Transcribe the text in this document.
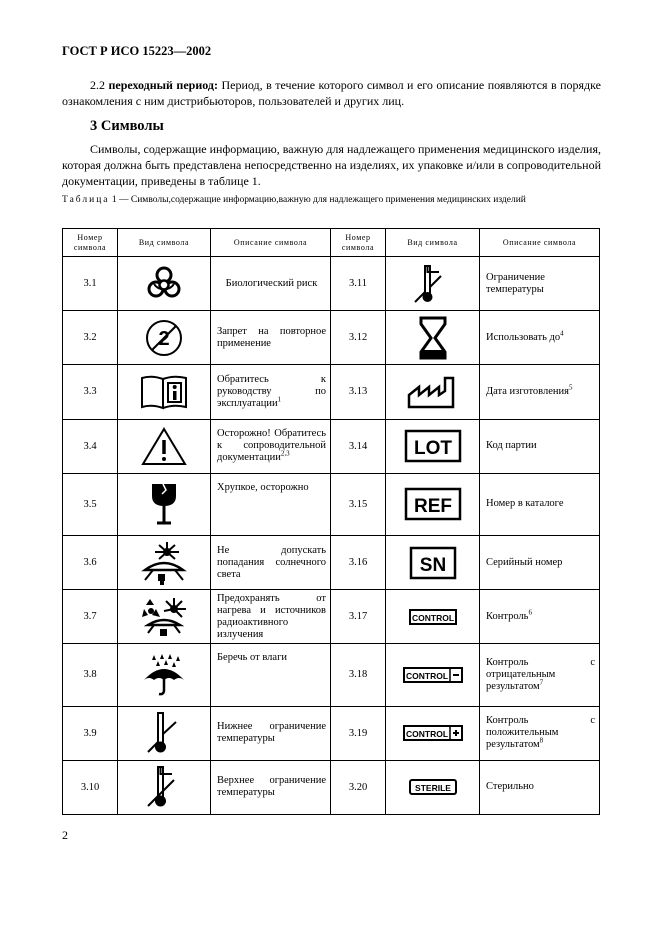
ГОСТ Р ИСО 15223—2002
2.2 переходный период: Период, в течение которого символ и его описание появляются в порядке ознакомления с ним дистрибьюторов, пользователей и других лиц.
3 Символы
Символы, содержащие информацию, важную для надлежащего применения медицинского изделия, которая должна быть представлена непосредственно на изделиях, их упаковке и/или в сопроводительной документации, приведены в таблице 1.
Таблица 1 — Символы,содержащие информацию,важную для надлежащего применения медицинских изделий
Номер символа	Вид символа	Описание символа	Номер символа	Вид символа	Описание символа
3.1		Биологический риск	3.11		Ограничение температуры
3.2	2	Запрет на повторное применение	3.12		Использовать $до^4$
3.3		Обратитесь к руководству по эксплуатации$^1$	3.13		Дата изготовления$^5$
3.4		Осторожно! Обратитесь к сопроводительной документации$^{2,3}$	3.14	LOT	Код партии
3.5		Хрупкое, осторожно	3.15	REF	Номер в каталоге
3.6		Не допускать попадания солнечного света	3.16	SN	Серийный номер
3.7		Предохранять от нагрева и источников радиоактивного излучения	3.17	CONTROL	Контроль$^6$
3.8		Беречь от влаги	3.18	CONTROL	Контроль с отрицательным результатом$^7$
3.9		Нижнее ограничение температуры	3.19	CONTROL	Контроль с положительным результатом$^8$
3.10		Верхнее ограничение температуры	3.20	STERILE	Стерильно
2
